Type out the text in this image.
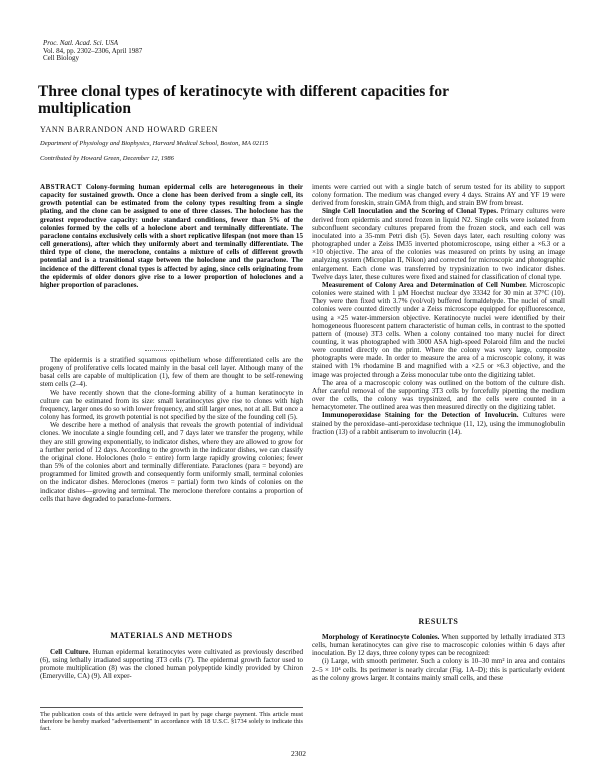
Proc. Natl. Acad. Sci. USA
Vol. 84, pp. 2302–2306, April 1987
Cell Biology
Three clonal types of keratinocyte with different capacities for multiplication
YANN BARRANDON AND HOWARD GREEN
Department of Physiology and Biophysics, Harvard Medical School, Boston, MA 02115
Contributed by Howard Green, December 12, 1986

ABSTRACT Colony-forming human epidermal cells are heterogeneous in their capacity for sustained growth. Once a clone has been derived from a single cell, its growth potential can be estimated from the colony types resulting from a single plating, and the clone can be assigned to one of three classes. The holoclone has the greatest reproductive capacity: under standard conditions, fewer than 5% of the colonies formed by the cells of a holoclone abort and terminally differentiate. The paraclone contains exclusively cells with a short replicative lifespan (not more than 15 cell generations), after which they uniformly abort and terminally differentiate. The third type of clone, the meroclone, contains a mixture of cells of different growth potential and is a transitional stage between the holoclone and the paraclone. The incidence of the different clonal types is affected by aging, since cells originating from the epidermis of older donors give rise to a lower proportion of holoclones and a higher proportion of paraclones.

The epidermis is a stratified squamous epithelium whose differentiated cells are the progeny of proliferative cells located mainly in the basal cell layer. Although many of the basal cells are capable of multiplication (1), few of them are thought to be self-renewing stem cells (2–4).

We have recently shown that the clone-forming ability of a human keratinocyte in culture can be estimated from its size: small keratinocytes give rise to clones with high frequency, larger ones do so with lower frequency, and still larger ones, not at all. But once a colony has formed, its growth potential is not specified by the size of the founding cell (5).

We describe here a method of analysis that reveals the growth potential of individual clones. We inoculate a single founding cell, and 7 days later we transfer the progeny, while they are still growing exponentially, to indicator dishes, where they are allowed to grow for a further period of 12 days. According to the growth in the indicator dishes, we can classify the original clone. Holoclones (holo = entire) form large rapidly growing colonies; fewer than 5% of the colonies abort and terminally differentiate. Paraclones (para = beyond) are programmed for limited growth and consequently form uniformly small, terminal colonies on the indicator dishes. Meroclones (meros = partial) form two kinds of colonies on the indicator dishes—growing and terminal. The meroclone therefore contains a proportion of cells that have degraded to paraclone-formers.

MATERIALS AND METHODS

Cell Culture. Human epidermal keratinocytes were cultivated as previously described (6), using lethally irradiated supporting 3T3 cells (7). The epidermal growth factor used to promote multiplication (8) was the cloned human polypeptide kindly provided by Chiron (Emeryville, CA) (9). All exper-

The publication costs of this article were defrayed in part by page charge payment. This article must therefore be hereby marked "advertisement" in accordance with 18 U.S.C. §1734 solely to indicate this fact.

iments were carried out with a single batch of serum tested for its ability to support colony formation. The medium was changed every 4 days. Strains AY and YF 19 were derived from foreskin, strain GMA from thigh, and strain BW from breast.

Single Cell Inoculation and the Scoring of Clonal Types. Primary cultures were derived from epidermis and stored frozen in liquid N2. Single cells were isolated from subconfluent secondary cultures prepared from the frozen stock, and each cell was inoculated into a 35-mm Petri dish (5). Seven days later, each resulting colony was photographed under a Zeiss IM35 inverted photomicroscope, using either a ×6.3 or a ×10 objective. The area of the colonies was measured on prints by using an image analyzing system (Microplan II, Nikon) and corrected for microscopic and photographic enlargement. Each clone was transferred by trypsinization to two indicator dishes. Twelve days later, these cultures were fixed and stained for classification of clonal type.

Measurement of Colony Area and Determination of Cell Number. Microscopic colonies were stained with 1 µM Hoechst nuclear dye 33342 for 30 min at 37°C (10). They were then fixed with 3.7% (vol/vol) buffered formaldehyde. The nuclei of small colonies were counted directly under a Zeiss microscope equipped for epifluorescence, using a ×25 water-immersion objective. Keratinocyte nuclei were identified by their homogeneous fluorescent pattern characteristic of human cells, in contrast to the spotted pattern of (mouse) 3T3 cells. When a colony contained too many nuclei for direct counting, it was photographed with 3000 ASA high-speed Polaroid film and the nuclei were counted directly on the print. Where the colony was very large, composite photographs were made. In order to measure the area of a microscopic colony, it was stained with 1% rhodamine B and magnified with a ×2.5 or ×6.3 objective, and the image was projected through a Zeiss monocular tube onto the digitizing tablet.

The area of a macroscopic colony was outlined on the bottom of the culture dish. After careful removal of the supporting 3T3 cells by forcefully pipetting the medium over the cells, the colony was trypsinized, and the cells were counted in a hemacytometer. The outlined area was then measured directly on the digitizing tablet.

Immunoperoxidase Staining for the Detection of Involucrin. Cultures were stained by the peroxidase–anti-peroxidase technique (11, 12), using the immunoglobulin fraction (13) of a rabbit antiserum to involucrin (14).

RESULTS

Morphology of Keratinocyte Colonies. When supported by lethally irradiated 3T3 cells, human keratinocytes can give rise to macroscopic colonies within 6 days after inoculation. By 12 days, three colony types can be recognized:

(i) Large, with smooth perimeter. Such a colony is 10–30 mm² in area and contains 2–5 × 10⁴ cells. Its perimeter is nearly circular (Fig. 1A–D); this is particularly evident as the colony grows larger. It contains mainly small cells, and these

2302
